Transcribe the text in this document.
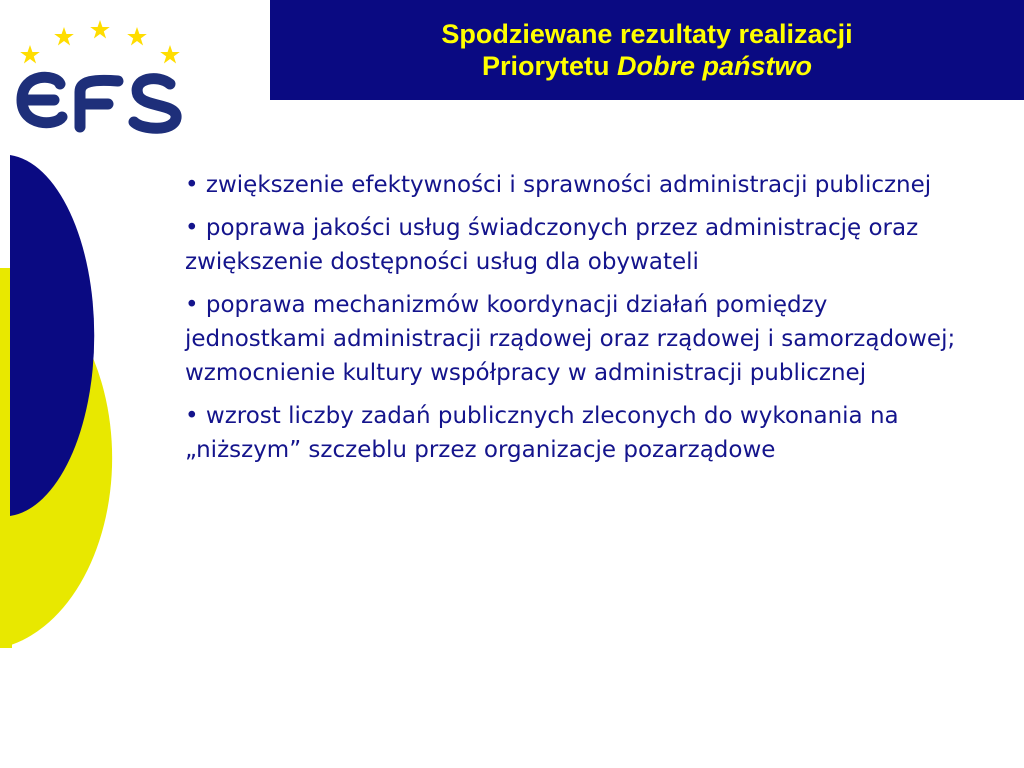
Spodziewane rezultaty realizacji
Priorytetu Dobre państwo
• zwiększenie efektywności i sprawności administracji publicznej
• poprawa jakości usług świadczonych przez administrację oraz zwiększenie dostępności usług dla obywateli
• poprawa mechanizmów koordynacji działań pomiędzy jednostkami administracji rządowej oraz rządowej i samorządowej; wzmocnienie kultury współpracy w administracji publicznej
• wzrost liczby zadań publicznych zleconych do wykonania na „niższym” szczeblu przez organizacje pozarządowe
